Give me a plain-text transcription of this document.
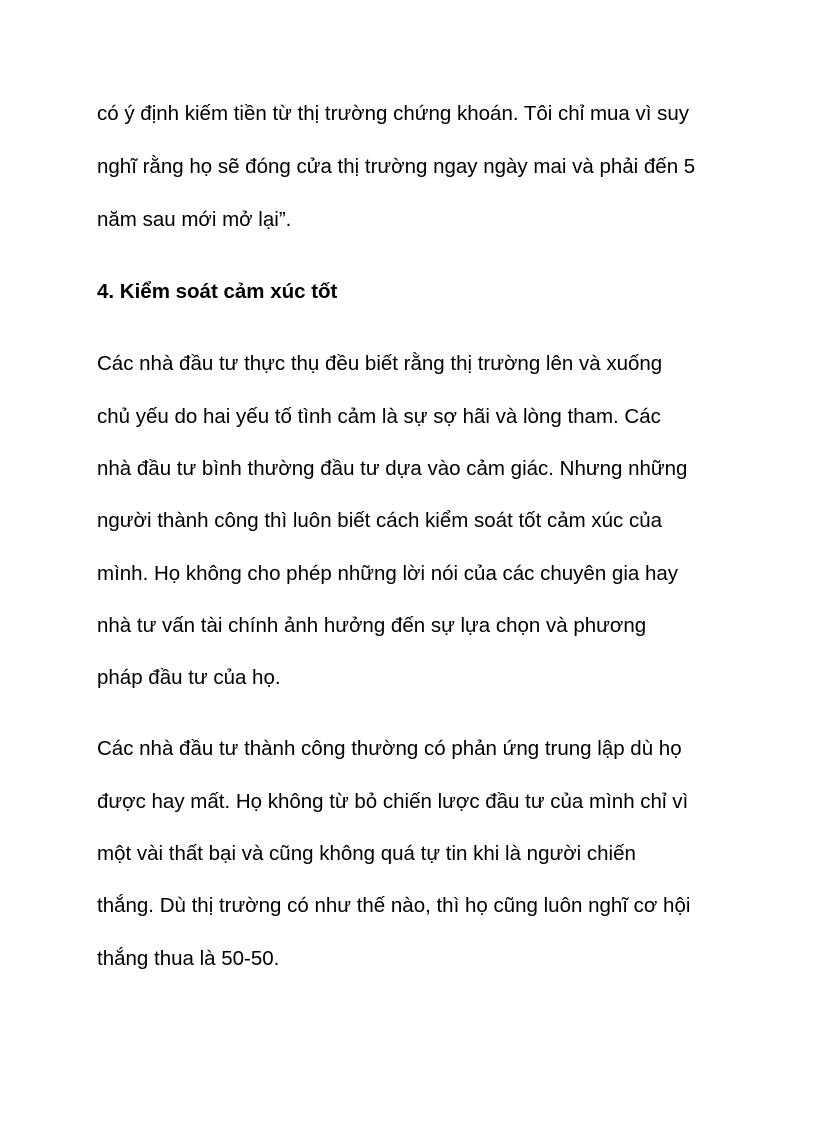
có ý định kiếm tiền từ thị trường chứng khoán. Tôi chỉ mua vì suy
nghĩ rằng họ sẽ đóng cửa thị trường ngay ngày mai và phải đến 5
năm sau mới mở lại”.
4. Kiểm soát cảm xúc tốt
Các nhà đầu tư thực thụ đều biết rằng thị trường lên và xuống
chủ yếu do hai yếu tố tình cảm là sự sợ hãi và lòng tham. Các
nhà đầu tư bình thường đầu tư dựa vào cảm giác. Nhưng những
người thành công thì luôn biết cách kiểm soát tốt cảm xúc của
mình. Họ không cho phép những lời nói của các chuyên gia hay
nhà tư vấn tài chính ảnh hưởng đến sự lựa chọn và phương
pháp đầu tư của họ.
Các nhà đầu tư thành công thường có phản ứng trung lập dù họ
được hay mất. Họ không từ bỏ chiến lược đầu tư của mình chỉ vì
một vài thất bại và cũng không quá tự tin khi là người chiến
thắng. Dù thị trường có như thế nào, thì họ cũng luôn nghĩ cơ hội
thắng thua là 50-50.
